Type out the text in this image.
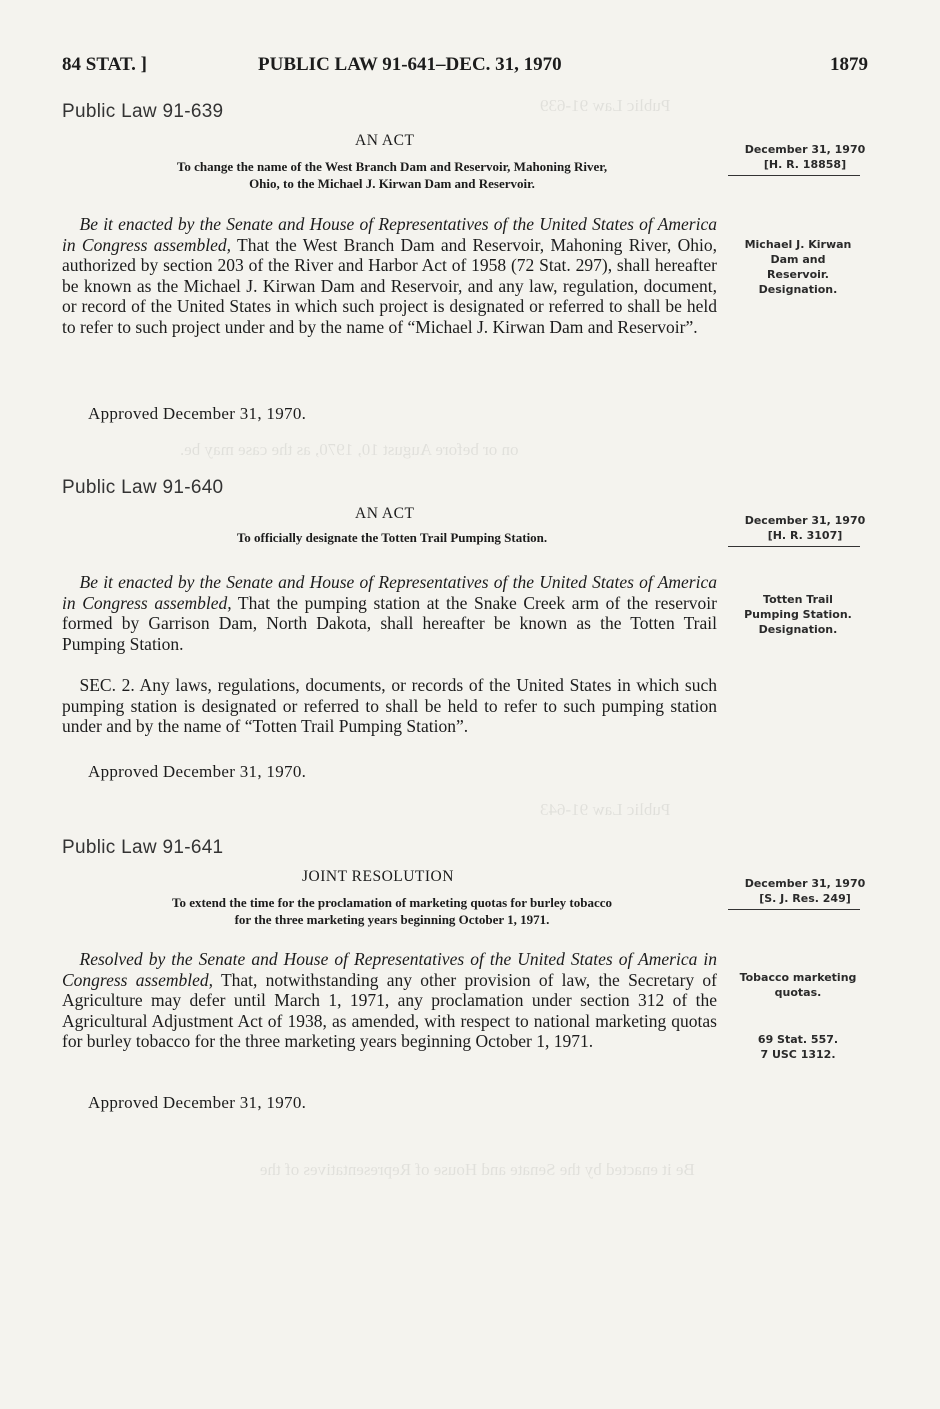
Public Law 91-639
on or before August 10, 1970, as the case may be.
Public Law 91-643
Be it enacted by the Senate and House of Representatives of the
84 STAT. ]	PUBLIC LAW 91-641–DEC. 31, 1970	1879
Public Law 91-639
AN ACT
December 31, 1970
[H. R. 18858]
To change the name of the West Branch Dam and Reservoir, Mahoning River,
Ohio, to the Michael J. Kirwan Dam and Reservoir.
 Be it enacted by the Senate and House of Representatives of the United States of America in Congress assembled, That the West Branch Dam and Reservoir, Mahoning River, Ohio, authorized by section 203 of the River and Harbor Act of 1958 (72 Stat. 297), shall hereafter be known as the Michael J. Kirwan Dam and Reservoir, and any law, regulation, document, or record of the United States in which such project is designated or referred to shall be held to refer to such project under and by the name of “Michael J. Kirwan Dam and Reservoir”.
Michael J. Kirwan Dam and Reservoir. Designation.
Approved December 31, 1970.
Public Law 91-640
AN ACT	December 31, 1970
[H. R. 3107]
To officially designate the Totten Trail Pumping Station.
 Be it enacted by the Senate and House of Representatives of the United States of America in Congress assembled, That the pumping station at the Snake Creek arm of the reservoir formed by Garrison Dam, North Dakota, shall hereafter be known as the Totten Trail Pumping Station.
Totten Trail Pumping Station. Designation.
 SEC. 2. Any laws, regulations, documents, or records of the United States in which such pumping station is designated or referred to shall be held to refer to such pumping station under and by the name of “Totten Trail Pumping Station”.
Approved December 31, 1970.
Public Law 91-641
JOINT RESOLUTION	December 31, 1970
[S. J. Res. 249]
To extend the time for the proclamation of marketing quotas for burley tobacco
for the three marketing years beginning October 1, 1971.
 Resolved by the Senate and House of Representatives of the United States of America in Congress assembled, That, notwithstanding any other provision of law, the Secretary of Agriculture may defer until March 1, 1971, any proclamation under section 312 of the Agricultural Adjustment Act of 1938, as amended, with respect to national marketing quotas for burley tobacco for the three marketing years beginning October 1, 1971.
Tobacco marketing quotas.
69 Stat. 557.
7 USC 1312.
Approved December 31, 1970.
